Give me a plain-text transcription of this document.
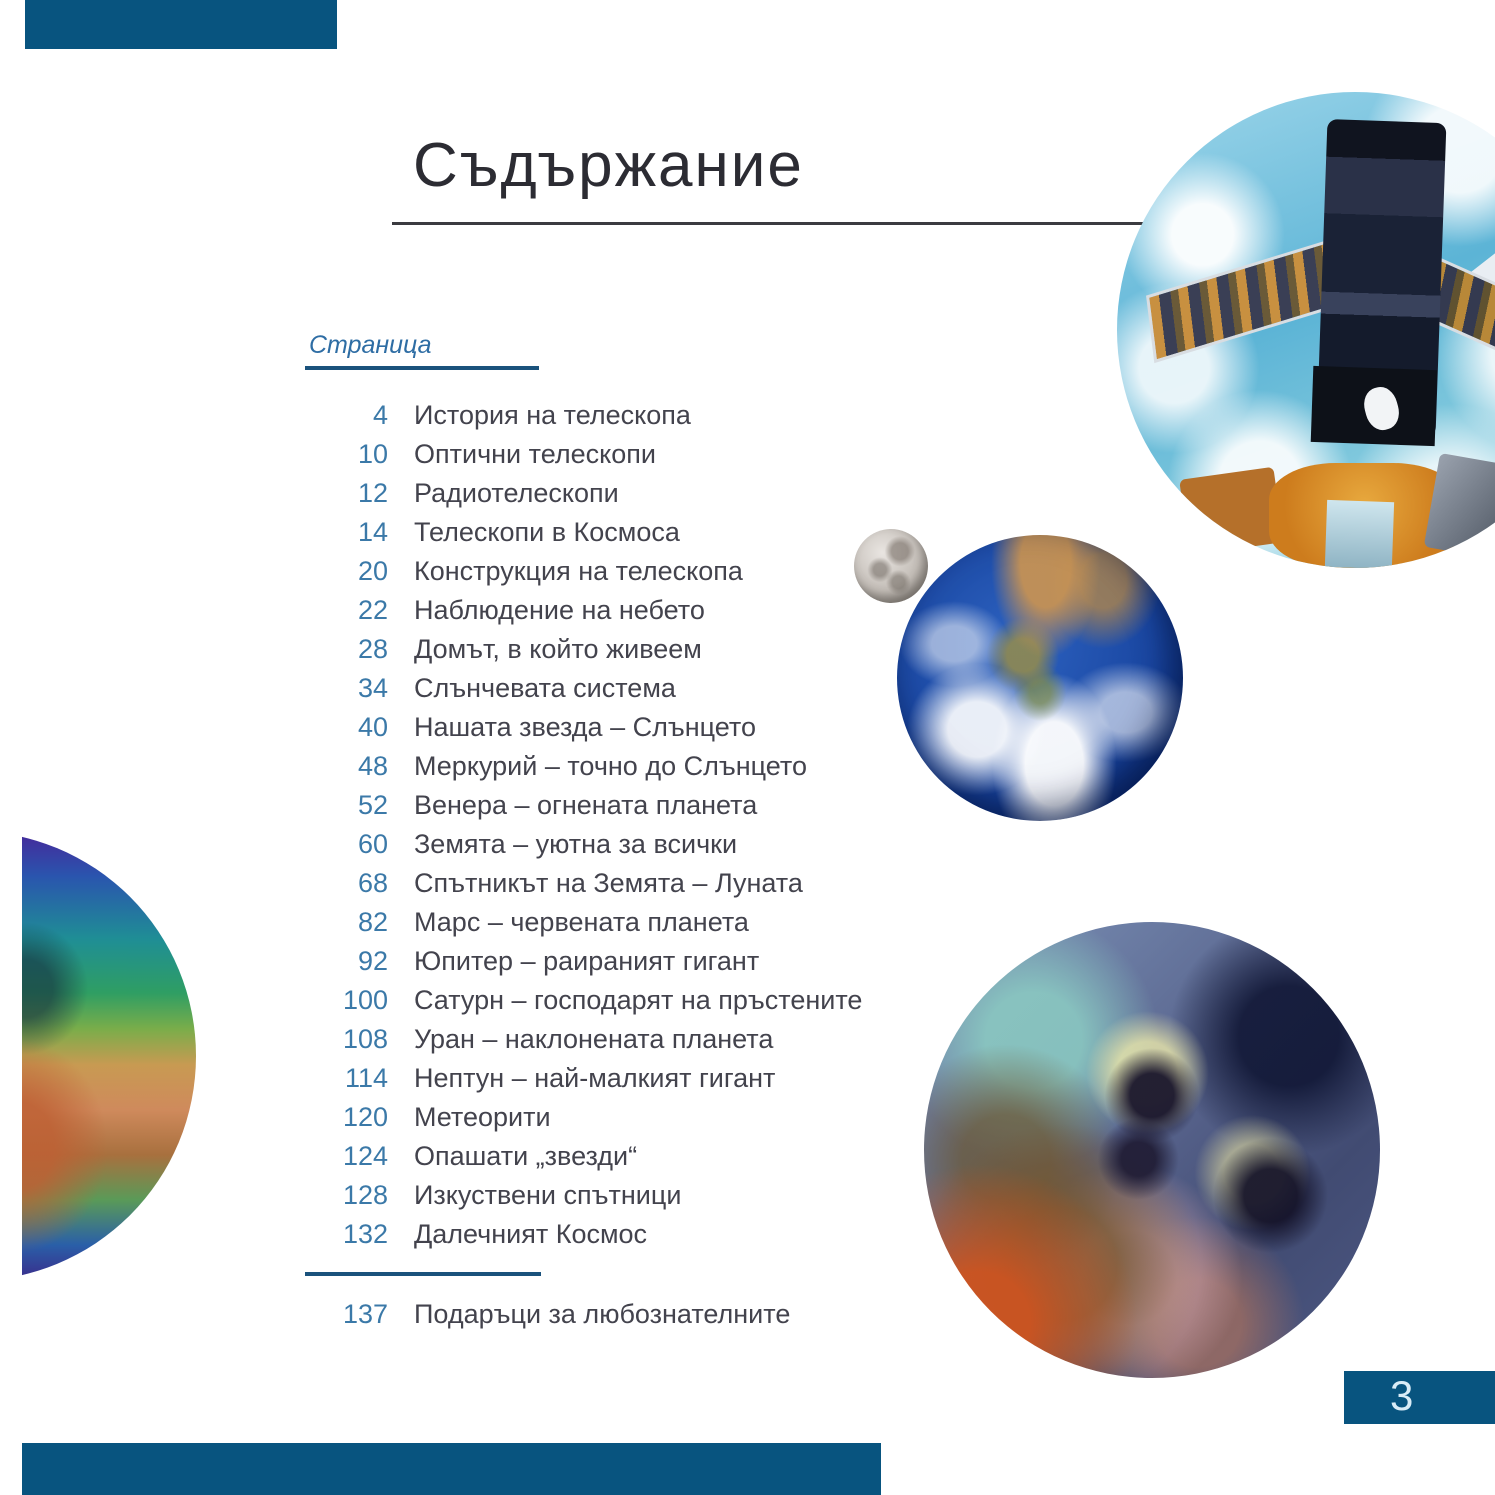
Съдържание
Страница
4 История на телескопа
10 Оптични телескопи
12 Радиотелескопи
14 Телескопи в Космоса
20 Конструкция на телескопа
22 Наблюдение на небето
28 Домът, в който живеем
34 Слънчевата система
40 Нашата звезда – Слънцето
48 Меркурий – точно до Слънцето
52 Венера – огнената планета
60 Земята – уютна за всички
68 Спътникът на Земята – Луната
82 Марс – червената планета
92 Юпитер – раираният гигант
100 Сатурн – господарят на пръстените
108 Уран – наклонената планета
114 Нептун – най-малкият гигант
120 Метеорити
124 Опашати „звезди“
128 Изкуствени спътници
132 Далечният Космос
137 Подаръци за любознателните
3
